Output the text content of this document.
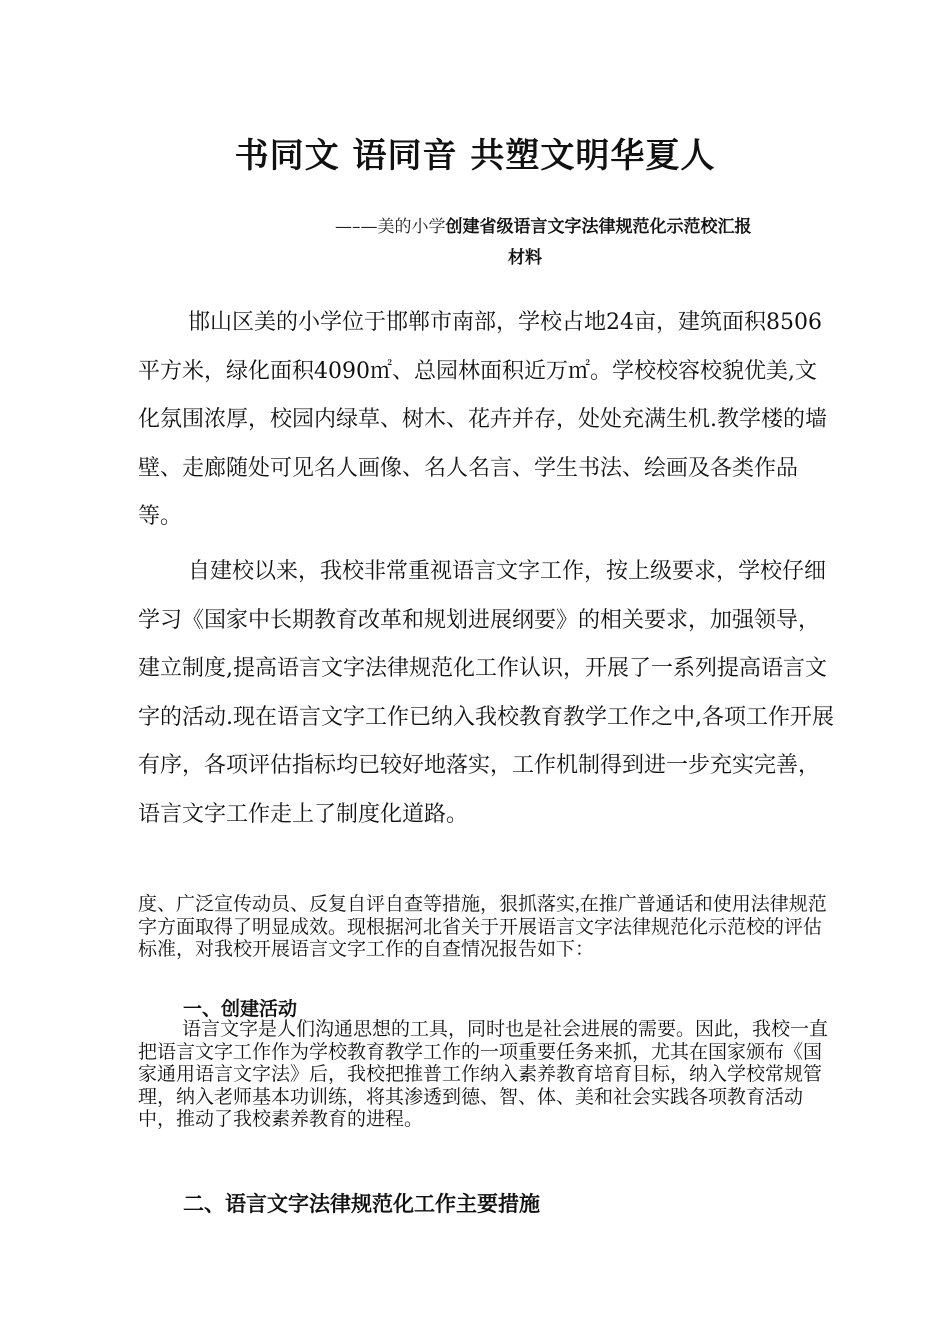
书同文 语同音 共塑文明华夏人
—–—美的小学创建省级语言文字法律规范化示范校汇报
材料

邯山区美的小学位于邯郸市南部，学校占地24亩，建筑面积8506平方米，绿化面积4090㎡、总园林面积近万㎡。学校校容校貌优美,文化氛围浓厚，校园内绿草、树木、花卉并存，处处充满生机.教学楼的墙壁、走廊随处可见名人画像、名人名言、学生书法、绘画及各类作品等。

自建校以来，我校非常重视语言文字工作，按上级要求，学校仔细学习《国家中长期教育改革和规划进展纲要》的相关要求，加强领导，建立制度,提高语言文字法律规范化工作认识，开展了一系列提高语言文字的活动.现在语言文字工作已纳入我校教育教学工作之中,各项工作开展有序，各项评估指标均已较好地落实，工作机制得到进一步充实完善，语言文字工作走上了制度化道路。

度、广泛宣传动员、反复自评自查等措施，狠抓落实,在推广普通话和使用法律规范字方面取得了明显成效。现根据河北省关于开展语言文字法律规范化示范校的评估标准，对我校开展语言文字工作的自查情况报告如下：

一、创建活动

语言文字是人们沟通思想的工具，同时也是社会进展的需要。因此，我校一直把语言文字工作作为学校教育教学工作的一项重要任务来抓，尤其在国家颁布《国家通用语言文字法》后，我校把推普工作纳入素养教育培育目标，纳入学校常规管理，纳入老师基本功训练，将其渗透到德、智、体、美和社会实践各项教育活动中，推动了我校素养教育的进程。

二、语言文字法律规范化工作主要措施
